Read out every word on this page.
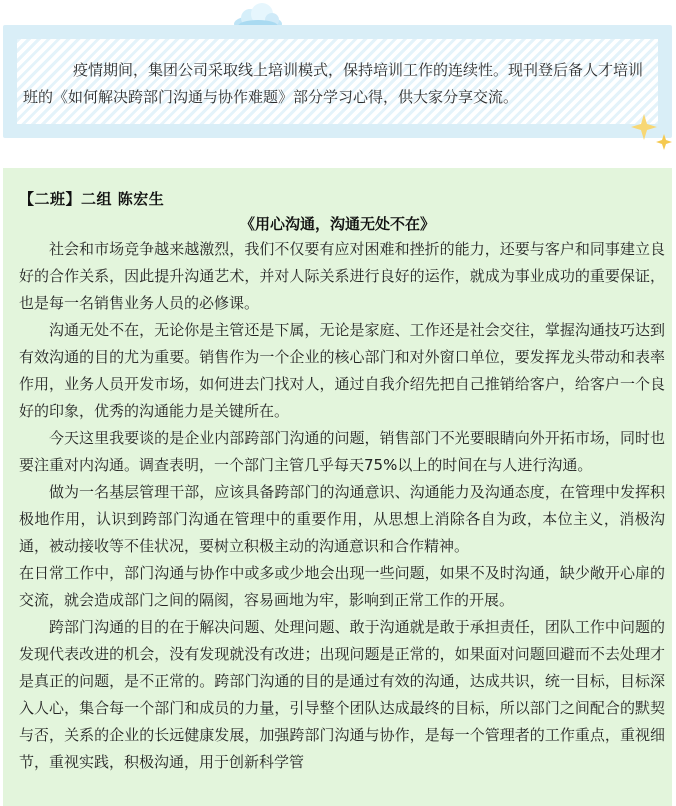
疫情期间，集团公司采取线上培训模式，保持培训工作的连续性。现刊登后备人才培训班的《如何解决跨部门沟通与协作难题》部分学习心得，供大家分享交流。

【二班】二组 陈宏生
《用心沟通，沟通无处不在》

社会和市场竞争越来越激烈，我们不仅要有应对困难和挫折的能力，还要与客户和同事建立良好的合作关系，因此提升沟通艺术，并对人际关系进行良好的运作，就成为事业成功的重要保证，也是每一名销售业务人员的必修课。

沟通无处不在，无论你是主管还是下属，无论是家庭、工作还是社会交往，掌握沟通技巧达到有效沟通的目的尤为重要。销售作为一个企业的核心部门和对外窗口单位，要发挥龙头带动和表率作用，业务人员开发市场，如何进去门找对人，通过自我介绍先把自己推销给客户，给客户一个良好的印象，优秀的沟通能力是关键所在。

今天这里我要谈的是企业内部跨部门沟通的问题，销售部门不光要眼睛向外开拓市场，同时也要注重对内沟通。调查表明，一个部门主管几乎每天75%以上的时间在与人进行沟通。

做为一名基层管理干部，应该具备跨部门的沟通意识、沟通能力及沟通态度，在管理中发挥积极地作用，认识到跨部门沟通在管理中的重要作用，从思想上消除各自为政，本位主义，消极沟通，被动接收等不佳状况，要树立积极主动的沟通意识和合作精神。

在日常工作中，部门沟通与协作中或多或少地会出现一些问题，如果不及时沟通，缺少敞开心扉的交流，就会造成部门之间的隔阂，容易画地为牢，影响到正常工作的开展。

跨部门沟通的目的在于解决问题、处理问题、敢于沟通就是敢于承担责任，团队工作中问题的发现代表改进的机会，没有发现就没有改进；出现问题是正常的，如果面对问题回避而不去处理才是真正的问题，是不正常的。跨部门沟通的目的是通过有效的沟通，达成共识，统一目标，目标深入人心，集合每一个部门和成员的力量，引导整个团队达成最终的目标，所以部门之间配合的默契与否，关系的企业的长远健康发展，加强跨部门沟通与协作，是每一个管理者的工作重点，重视细节，重视实践，积极沟通，用于创新科学管
